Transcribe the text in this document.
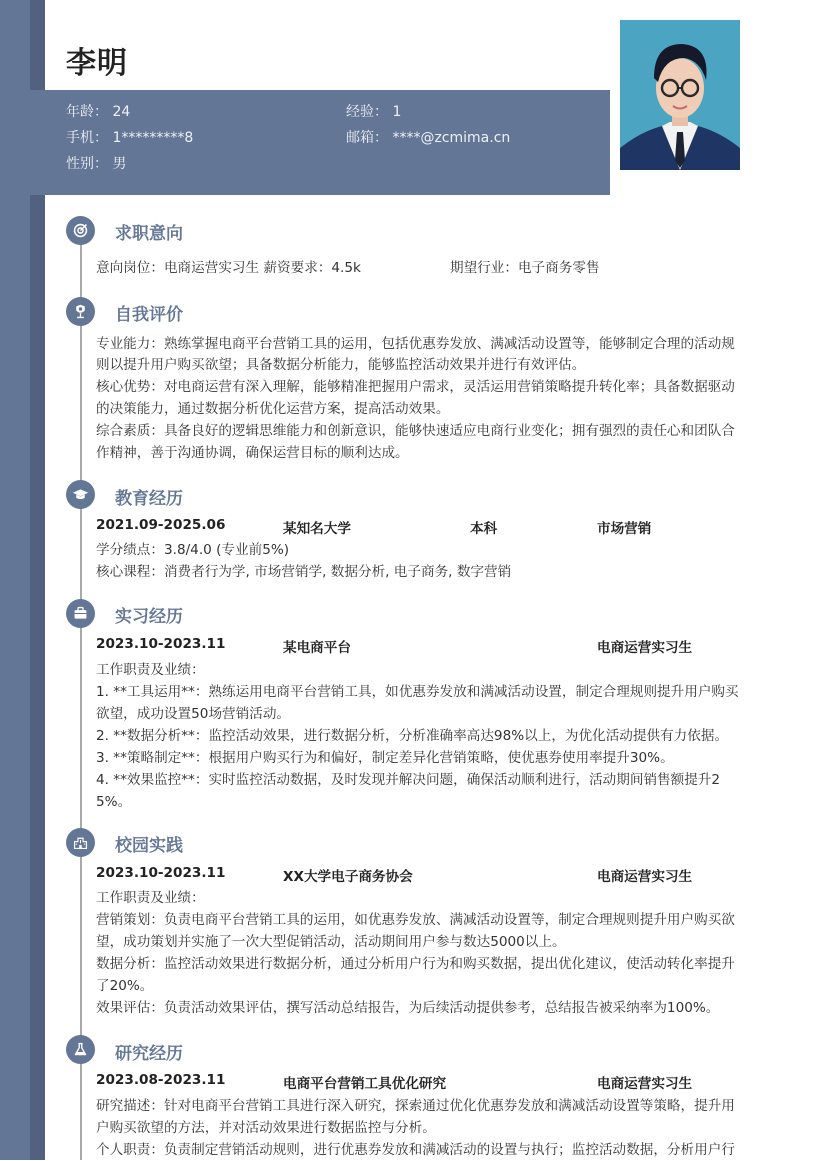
李明
年龄： 24	经验： 1
手机： 1*********8	邮箱： ****@zcmima.cn
性别： 男
求职意向
意向岗位：电商运营实习生 薪资要求：4.5k	期望行业：电子商务零售
自我评价
专业能力：熟练掌握电商平台营销工具的运用，包括优惠券发放、满减活动设置等，能够制定合理的活动规
则以提升用户购买欲望；具备数据分析能力，能够监控活动效果并进行有效评估。
核心优势：对电商运营有深入理解，能够精准把握用户需求，灵活运用营销策略提升转化率；具备数据驱动
的决策能力，通过数据分析优化运营方案，提高活动效果。
综合素质：具备良好的逻辑思维能力和创新意识，能够快速适应电商行业变化；拥有强烈的责任心和团队合
作精神，善于沟通协调，确保运营目标的顺利达成。
教育经历
2021.09-2025.06	某知名大学	本科	市场营销
学分绩点：3.8/4.0 (专业前5%)
核心课程：消费者行为学, 市场营销学, 数据分析, 电子商务, 数字营销
实习经历
2023.10-2023.11	某电商平台	电商运营实习生
工作职责及业绩：
1. **工具运用**：熟练运用电商平台营销工具，如优惠券发放和满减活动设置，制定合理规则提升用户购买
欲望，成功设置50场营销活动。
2. **数据分析**：监控活动效果，进行数据分析，分析准确率高达98%以上，为优化活动提供有力依据。
3. **策略制定**：根据用户购买行为和偏好，制定差异化营销策略，使优惠券使用率提升30%。
4. **效果监控**：实时监控活动数据，及时发现并解决问题，确保活动顺利进行，活动期间销售额提升2
5%。
校园实践
2023.10-2023.11	XX大学电子商务协会	电商运营实习生
工作职责及业绩：
营销策划：负责电商平台营销工具的运用，如优惠券发放、满减活动设置等，制定合理规则提升用户购买欲
望，成功策划并实施了一次大型促销活动，活动期间用户参与数达5000以上。
数据分析：监控活动效果进行数据分析，通过分析用户行为和购买数据，提出优化建议，使活动转化率提升
了20%。
效果评估：负责活动效果评估，撰写活动总结报告，为后续活动提供参考，总结报告被采纳率为100%。
研究经历
2023.08-2023.11	电商平台营销工具优化研究	电商运营实习生
研究描述：针对电商平台营销工具进行深入研究，探索通过优化优惠券发放和满减活动设置等策略，提升用
户购买欲望的方法，并对活动效果进行数据监控与分析。
个人职责：负责制定营销活动规则，进行优惠券发放和满减活动的设置与执行；监控活动数据，分析用户行
